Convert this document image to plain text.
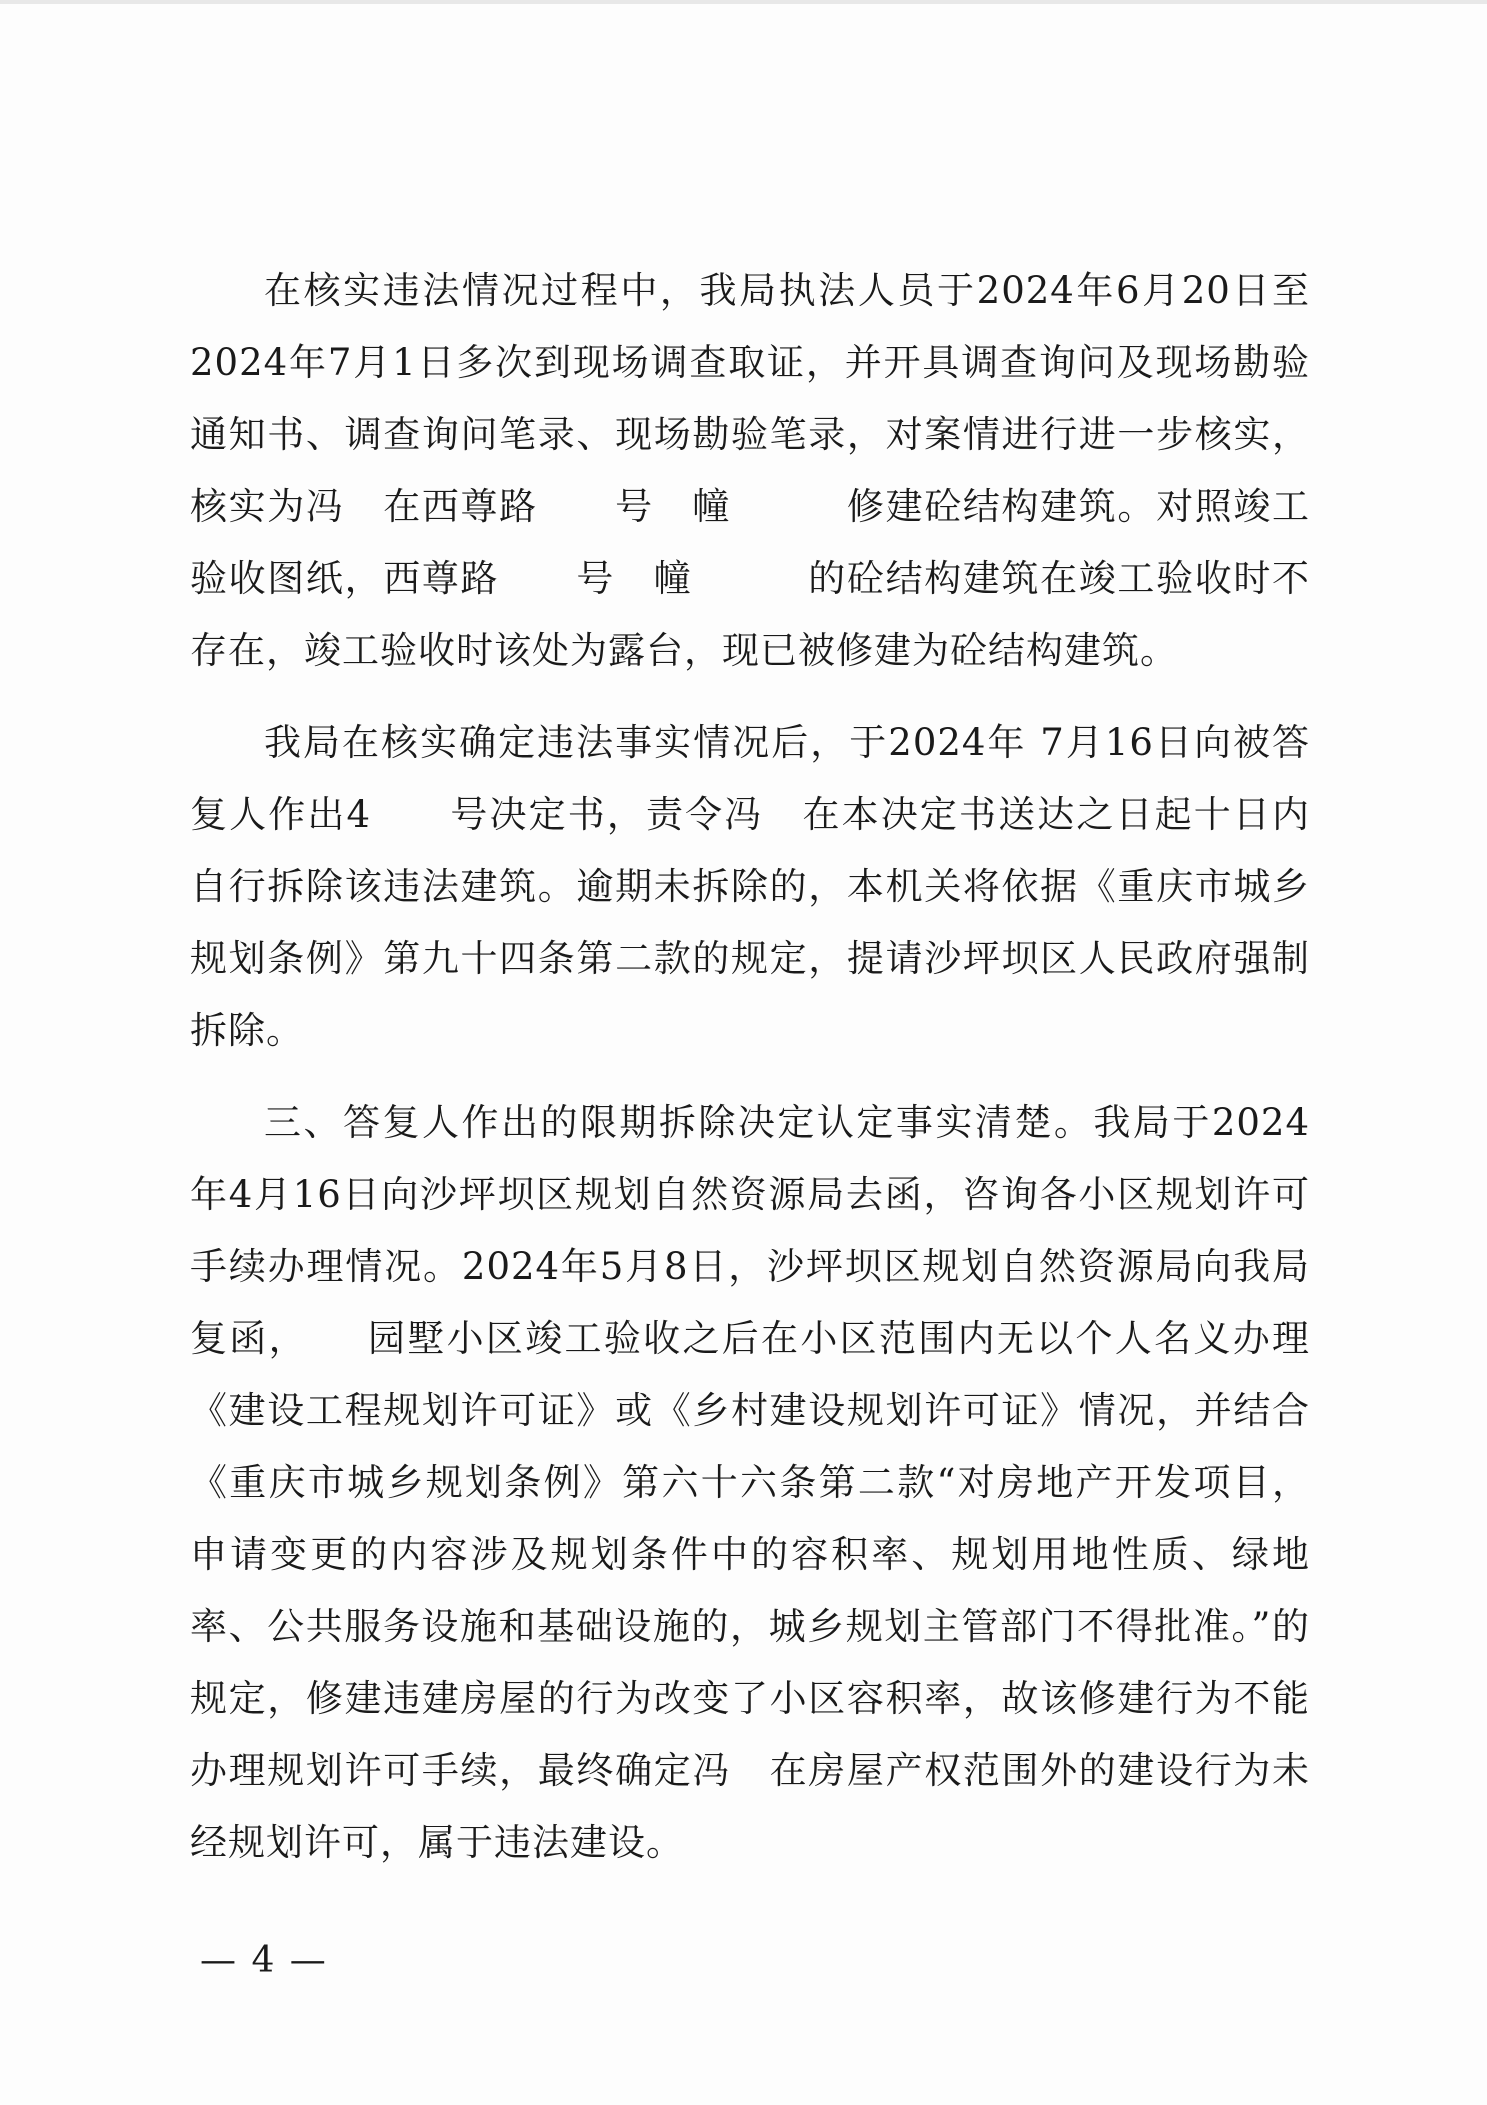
在核实违法情况过程中，我局执法人员于2024年6月20日至2024年7月1日多次到现场调查取证，并开具调查询问及现场勘验通知书、调查询问笔录、现场勘验笔录，对案情进行进一步核实，核实为冯　在西尊路　　号　幢　　　修建砼结构建筑。对照竣工验收图纸，西尊路　　号　幢　　　的砼结构建筑在竣工验收时不存在，竣工验收时该处为露台，现已被修建为砼结构建筑。

我局在核实确定违法事实情况后，于2024年 7月16日向被答复人作出4　　号决定书，责令冯　在本决定书送达之日起十日内自行拆除该违法建筑。逾期未拆除的，本机关将依据《重庆市城乡规划条例》第九十四条第二款的规定，提请沙坪坝区人民政府强制拆除。

三、答复人作出的限期拆除决定认定事实清楚。我局于2024年4月16日向沙坪坝区规划自然资源局去函，咨询各小区规划许可手续办理情况。2024年5月8日，沙坪坝区规划自然资源局向我局复函，　　园墅小区竣工验收之后在小区范围内无以个人名义办理《建设工程规划许可证》或《乡村建设规划许可证》情况，并结合《重庆市城乡规划条例》第六十六条第二款“对房地产开发项目，申请变更的内容涉及规划条件中的容积率、规划用地性质、绿地率、公共服务设施和基础设施的，城乡规划主管部门不得批准。”的规定，修建违建房屋的行为改变了小区容积率，故该修建行为不能办理规划许可手续，最终确定冯　在房屋产权范围外的建设行为未经规划许可，属于违法建设。

— 4 —
